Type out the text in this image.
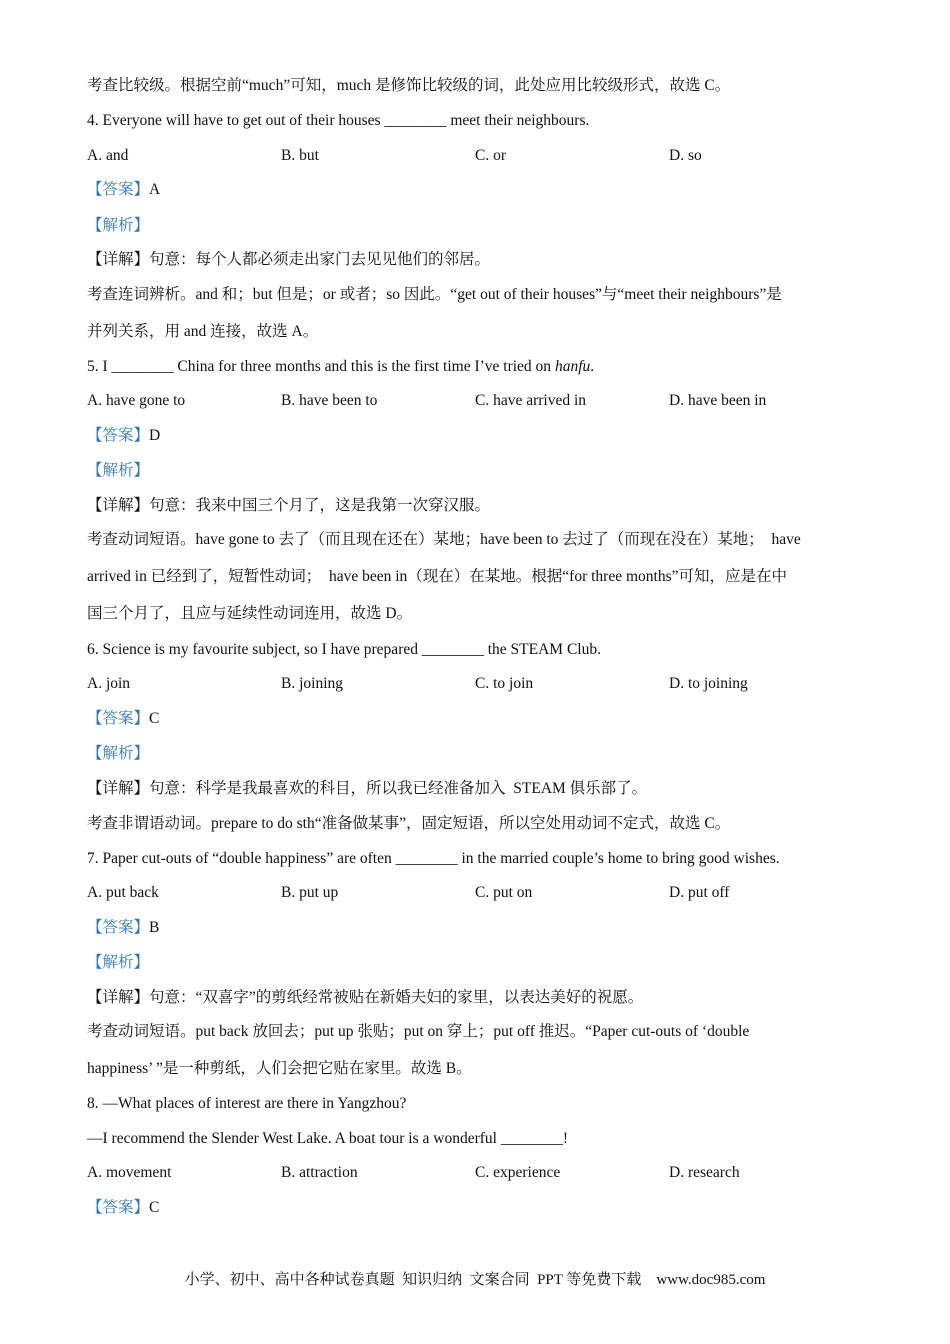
考查比较级。根据空前“much”可知，much 是修饰比较级的词，此处应用比较级形式，故选 C。
4. Everyone will have to get out of their houses ________ meet their neighbours.
A. and	B. but	C. or	D. so
【答案】A
【解析】
【详解】句意：每个人都必须走出家门去见见他们的邻居。
考查连词辨析。and 和；but 但是；or 或者；so 因此。“get out of their houses”与“meet their neighbours”是
并列关系，用 and 连接，故选 A。
5. I ________ China for three months and this is the first time I’ve tried on hanfu.
A. have gone to	B. have been to	C. have arrived in	D. have been in
【答案】D
【解析】
【详解】句意：我来中国三个月了，这是我第一次穿汉服。
考查动词短语。have gone to 去了（而且现在还在）某地；have been to 去过了（而现在没在）某地；  have
arrived in 已经到了，短暂性动词；  have been in（现在）在某地。根据“for three months”可知，应是在中
国三个月了，且应与延续性动词连用，故选 D。
6. Science is my favourite subject, so I have prepared ________ the STEAM Club.
A. join	B. joining	C. to join	D. to joining
【答案】C
【解析】
【详解】句意：科学是我最喜欢的科目，所以我已经准备加入  STEAM 俱乐部了。
考查非谓语动词。prepare to do sth“准备做某事”，固定短语，所以空处用动词不定式，故选 C。
7. Paper cut-outs of “double happiness” are often ________ in the married couple’s home to bring good wishes.
A. put back	B. put up	C. put on	D. put off
【答案】B
【解析】
【详解】句意：“双喜字”的剪纸经常被贴在新婚夫妇的家里，以表达美好的祝愿。
考查动词短语。put back 放回去；put up 张贴；put on 穿上；put off 推迟。“Paper cut-outs of ‘double
happiness’ ”是一种剪纸，人们会把它贴在家里。故选 B。
8. —What places of interest are there in Yangzhou?
—I recommend the Slender West Lake. A boat tour is a wonderful ________!
A. movement	B. attraction	C. experience	D. research
【答案】C
小学、初中、高中各种试卷真题  知识归纳  文案合同  PPT 等免费下载    www.doc985.com
